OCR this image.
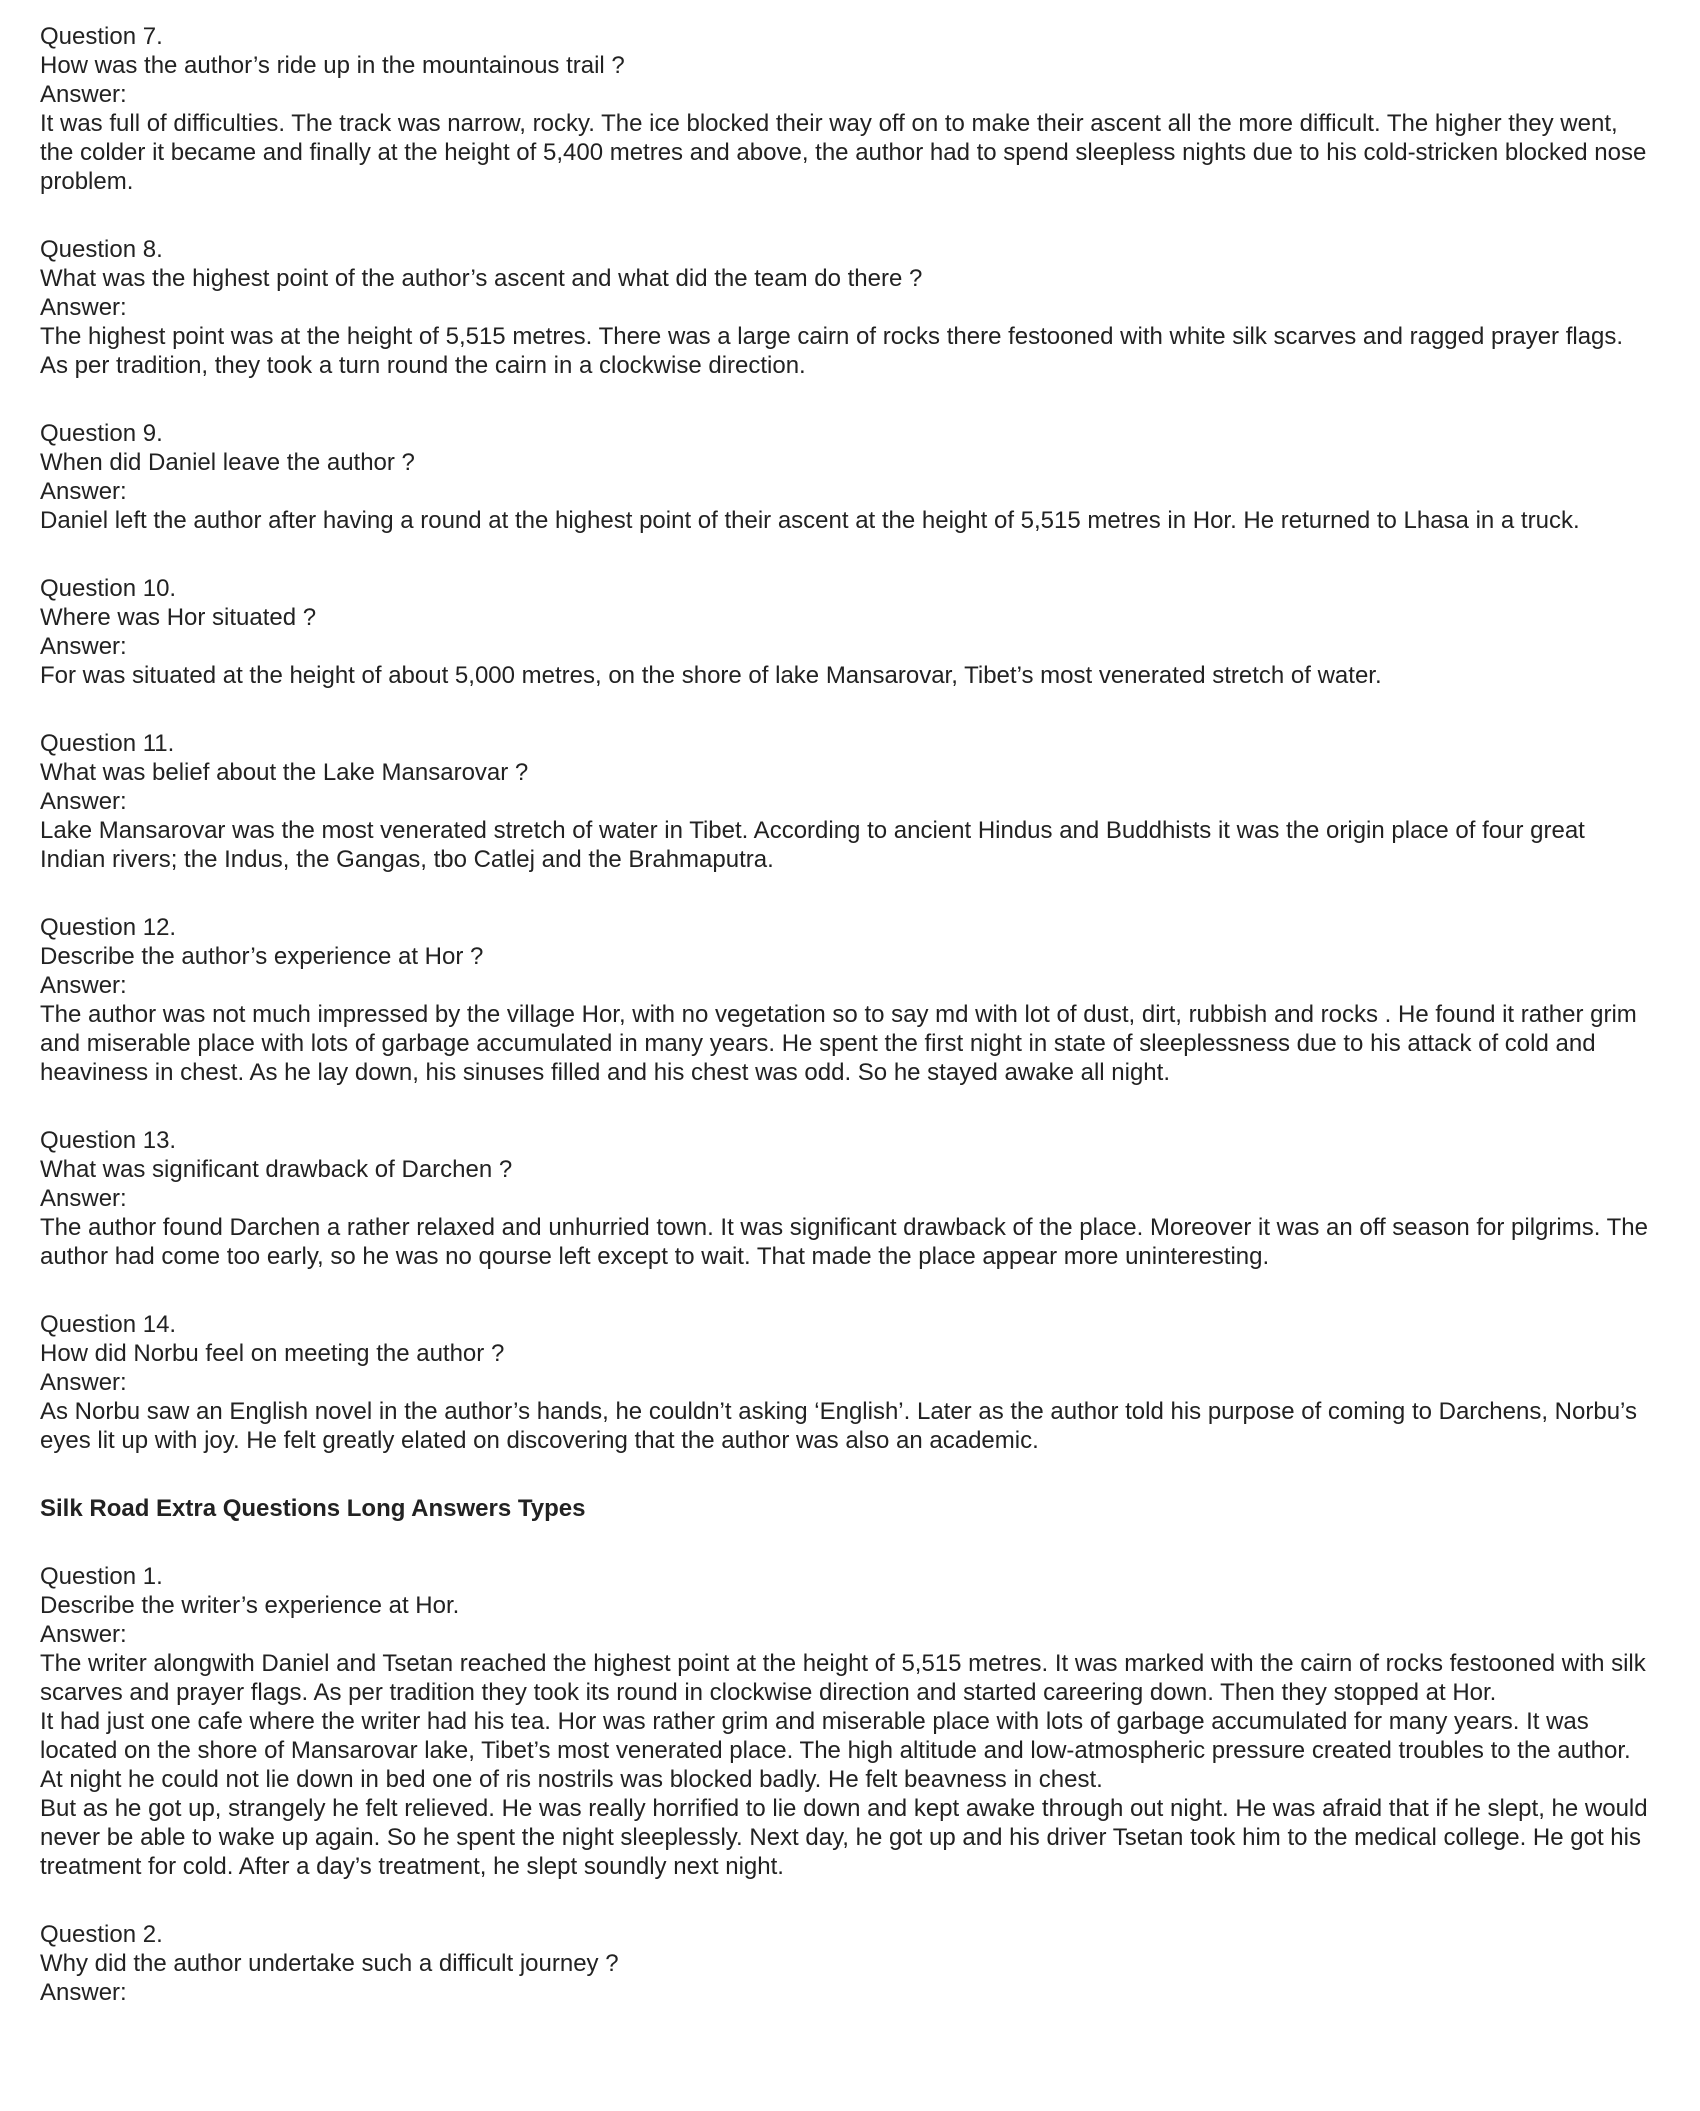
Question 7.

How was the author’s ride up in the mountainous trail ?

Answer:

It was full of difficulties. The track was narrow, rocky. The ice blocked their way off on to make their ascent all the more difficult. The higher they went, the colder it became and finally at the height of 5,400 metres and above, the author had to spend sleepless nights due to his cold-stricken blocked nose problem.

Question 8.

What was the highest point of the author’s ascent and what did the team do there ?

Answer:

The highest point was at the height of 5,515 metres. There was a large cairn of rocks there festooned with white silk scarves and ragged prayer flags. As per tradition, they took a turn round the cairn in a clockwise direction.

Question 9.

When did Daniel leave the author ?

Answer:

Daniel left the author after having a round at the highest point of their ascent at the height of 5,515 metres in Hor. He returned to Lhasa in a truck.

Question 10.

Where was Hor situated ?

Answer:

For was situated at the height of about 5,000 metres, on the shore of lake Mansarovar, Tibet’s most venerated stretch of water.

Question 11.

What was belief about the Lake Mansarovar ?

Answer:

Lake Mansarovar was the most venerated stretch of water in Tibet. According to ancient Hindus and Buddhists it was the origin place of four great Indian rivers; the Indus, the Gangas, tbo Catlej and the Brahmaputra.

Question 12.

Describe the author’s experience at Hor ?

Answer:

The author was not much impressed by the village Hor, with no vegetation so to say md with lot of dust, dirt, rubbish and rocks . He found it rather grim and miserable place with lots of garbage accumulated in many years. He spent the first night in state of sleeplessness due to his attack of cold and heaviness in chest. As he lay down, his sinuses filled and his chest was odd. So he stayed awake all night.

Question 13.

What was significant drawback of Darchen ?

Answer:

The author found Darchen a rather relaxed and unhurried town. It was significant drawback of the place. Moreover it was an off season for pilgrims. The author had come too early, so he was no qourse left except to wait. That made the place appear more uninteresting.

Question 14.

How did Norbu feel on meeting the author ?

Answer:

As Norbu saw an English novel in the author’s hands, he couldn’t asking ‘English’. Later as the author told his purpose of coming to Darchens, Norbu’s eyes lit up with joy. He felt greatly elated on discovering that the author was also an academic.

Silk Road Extra Questions Long Answers Types

Question 1.

Describe the writer’s experience at Hor.

Answer:

The writer alongwith Daniel and Tsetan reached the highest point at the height of 5,515 metres. It was marked with the cairn of rocks festooned with silk scarves and prayer flags. As per tradition they took its round in clockwise direction and started careering down. Then they stopped at Hor.

It had just one cafe where the writer had his tea. Hor was rather grim and miserable place with lots of garbage accumulated for many years. It was located on the shore of Mansarovar lake, Tibet’s most venerated place. The high altitude and low-atmospheric pressure created troubles to the author. At night he could not lie down in bed one of ris nostrils was blocked badly. He felt beavness in chest.

But as he got up, strangely he felt relieved. He was really horrified to lie down and kept awake through out night. He was afraid that if he slept, he would never be able to wake up again. So he spent the night sleeplessly. Next day, he got up and his driver Tsetan took him to the medical college. He got his treatment for cold. After a day’s treatment, he slept soundly next night.

Question 2.

Why did the author undertake such a difficult journey ?

Answer:
